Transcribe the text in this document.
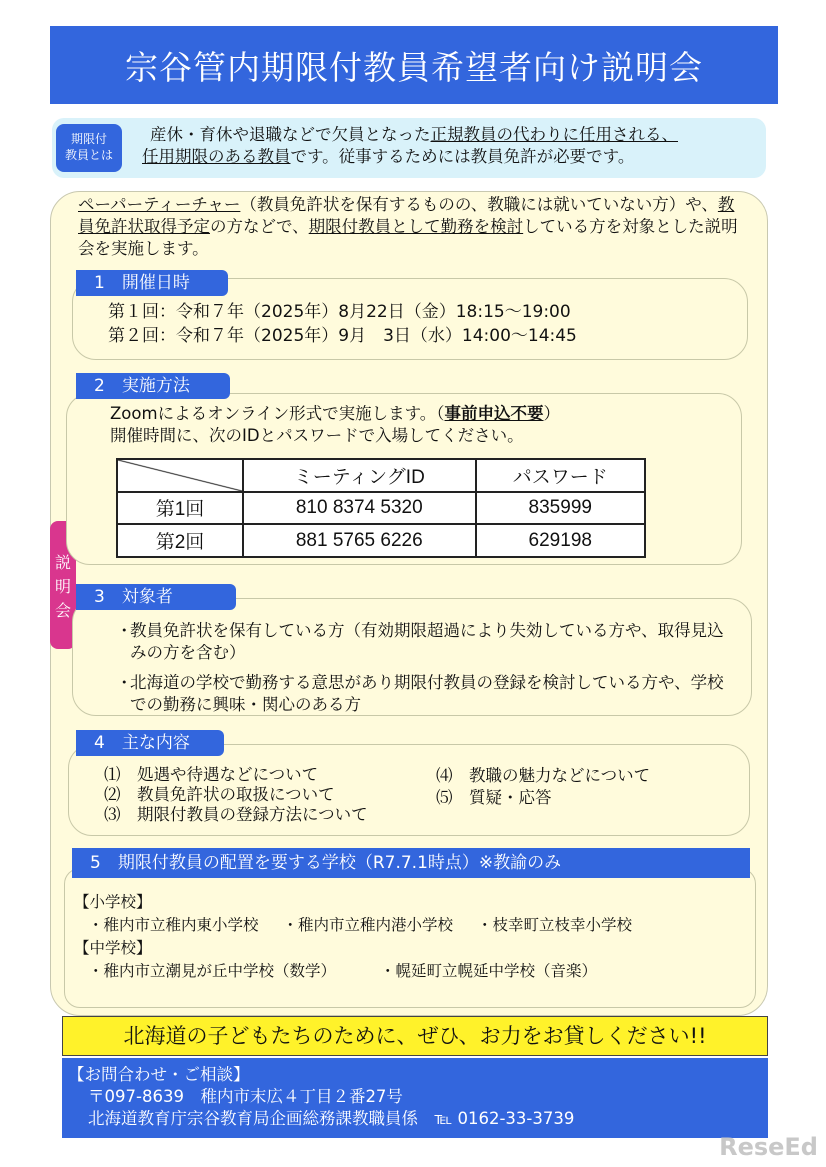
宗谷管内期限付教員希望者向け説明会
期限付
教員とは
産休・育休や退職などで欠員となった正規教員の代わりに任用される、
任用期限のある教員です。従事するためには教員免許が必要です。
ペーパーティーチャー（教員免許状を保有するものの、教職には就いていない方）や、教員免許状取得予定の方などで、期限付教員として勤務を検討している方を対象とした説明会を実施します。
説
明
会
1　開催日時
第１回：令和７年（2025年）8月22日（金）18:15～19:00
第２回：令和７年（2025年）9月　3日（水）14:00～14:45
2　実施方法
Zoomによるオンライン形式で実施します。（事前申込不要）
開催時間に、次のIDとパスワードで入場してください。
	ミーティングID	パスワード
第1回	810 8374 5320	835999
第2回	881 5765 6226	629198
3　対象者
・
教員免許状を保有している方（有効期限超過により失効している方や、取得見込みの方を含む）
・
北海道の学校で勤務する意思があり期限付教員の登録を検討している方や、学校での勤務に興味・関心のある方
4　主な内容
⑴　処遇や待遇などについて
⑵　教員免許状の取扱について
⑶　期限付教員の登録方法について
⑷　教職の魅力などについて
⑸　質疑・応答
5　期限付教員の配置を要する学校（R7.7.1時点）※教諭のみ
【小学校】
・稚内市立稚内東小学校 ・稚内市立稚内港小学校 ・枝幸町立枝幸小学校
【中学校】
・稚内市立潮見が丘中学校（数学）	・幌延町立幌延中学校（音楽）
北海道の子どもたちのために、ぜひ、お力をお貸しください!!
【お問合わせ・ご相談】
〒097-8639　稚内市末広４丁目２番27号
北海道教育庁宗谷教育局企画総務課教職員係　 ℡ 0162-33-3739
ReseEd
